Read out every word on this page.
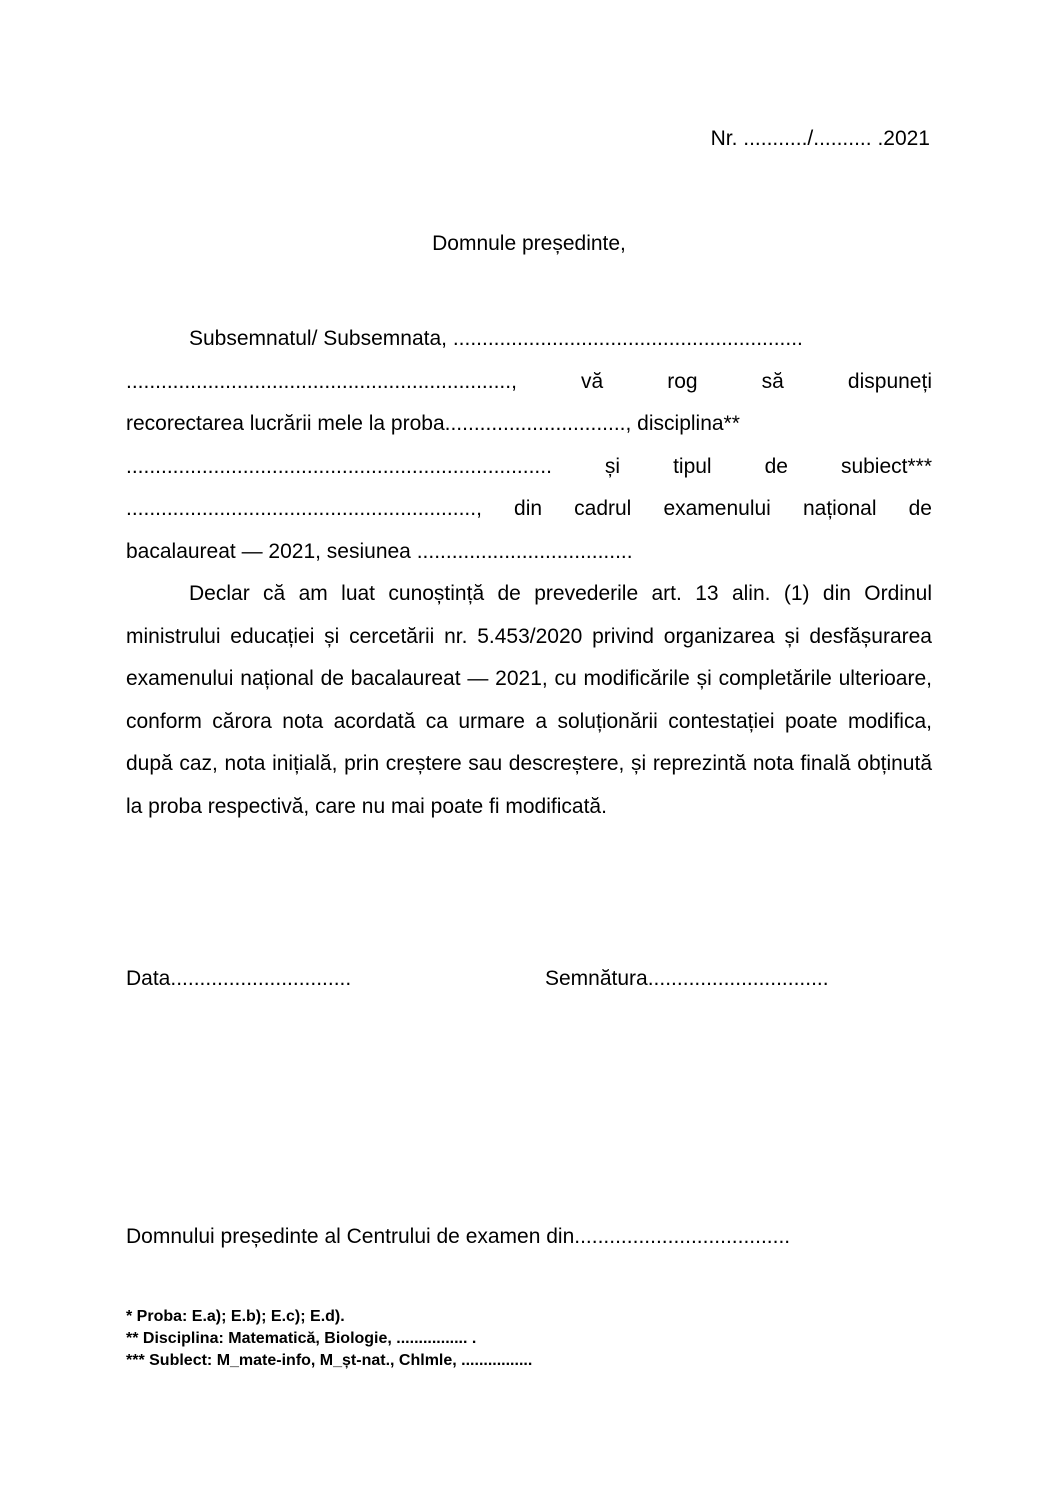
Nr. .........../.......... .2021
Domnule președinte,
Subsemnatul/ Subsemnata, ............................................................
.................................................................., vă rog să dispuneți
recorectarea lucrării mele la proba..............................., disciplina**
......................................................................... și tipul de subiect***
............................................................, din cadrul examenului național de
bacalaureat — 2021, sesiunea .....................................
Declar că am luat cunoștință de prevederile art. 13 alin. (1) din Ordinul ministrului educației și cercetării nr. 5.453/2020 privind organizarea și desfășurarea examenului național de bacalaureat — 2021, cu modificările și completările ulterioare, conform cărora nota acordată ca urmare a soluționării contestației poate modifica, după caz, nota inițială, prin creștere sau descreștere, și reprezintă nota finală obținută la proba respectivă, care nu mai poate fi modificată.
Data...............................	Semnătura...............................
Domnului președinte al Centrului de examen din.....................................
* Proba: E.a); E.b); E.c); E.d).
** Disciplina: Matematică, Biologie, ................ .
*** Sublect: M_mate-info, M_șt-nat., Chlmle, ................
